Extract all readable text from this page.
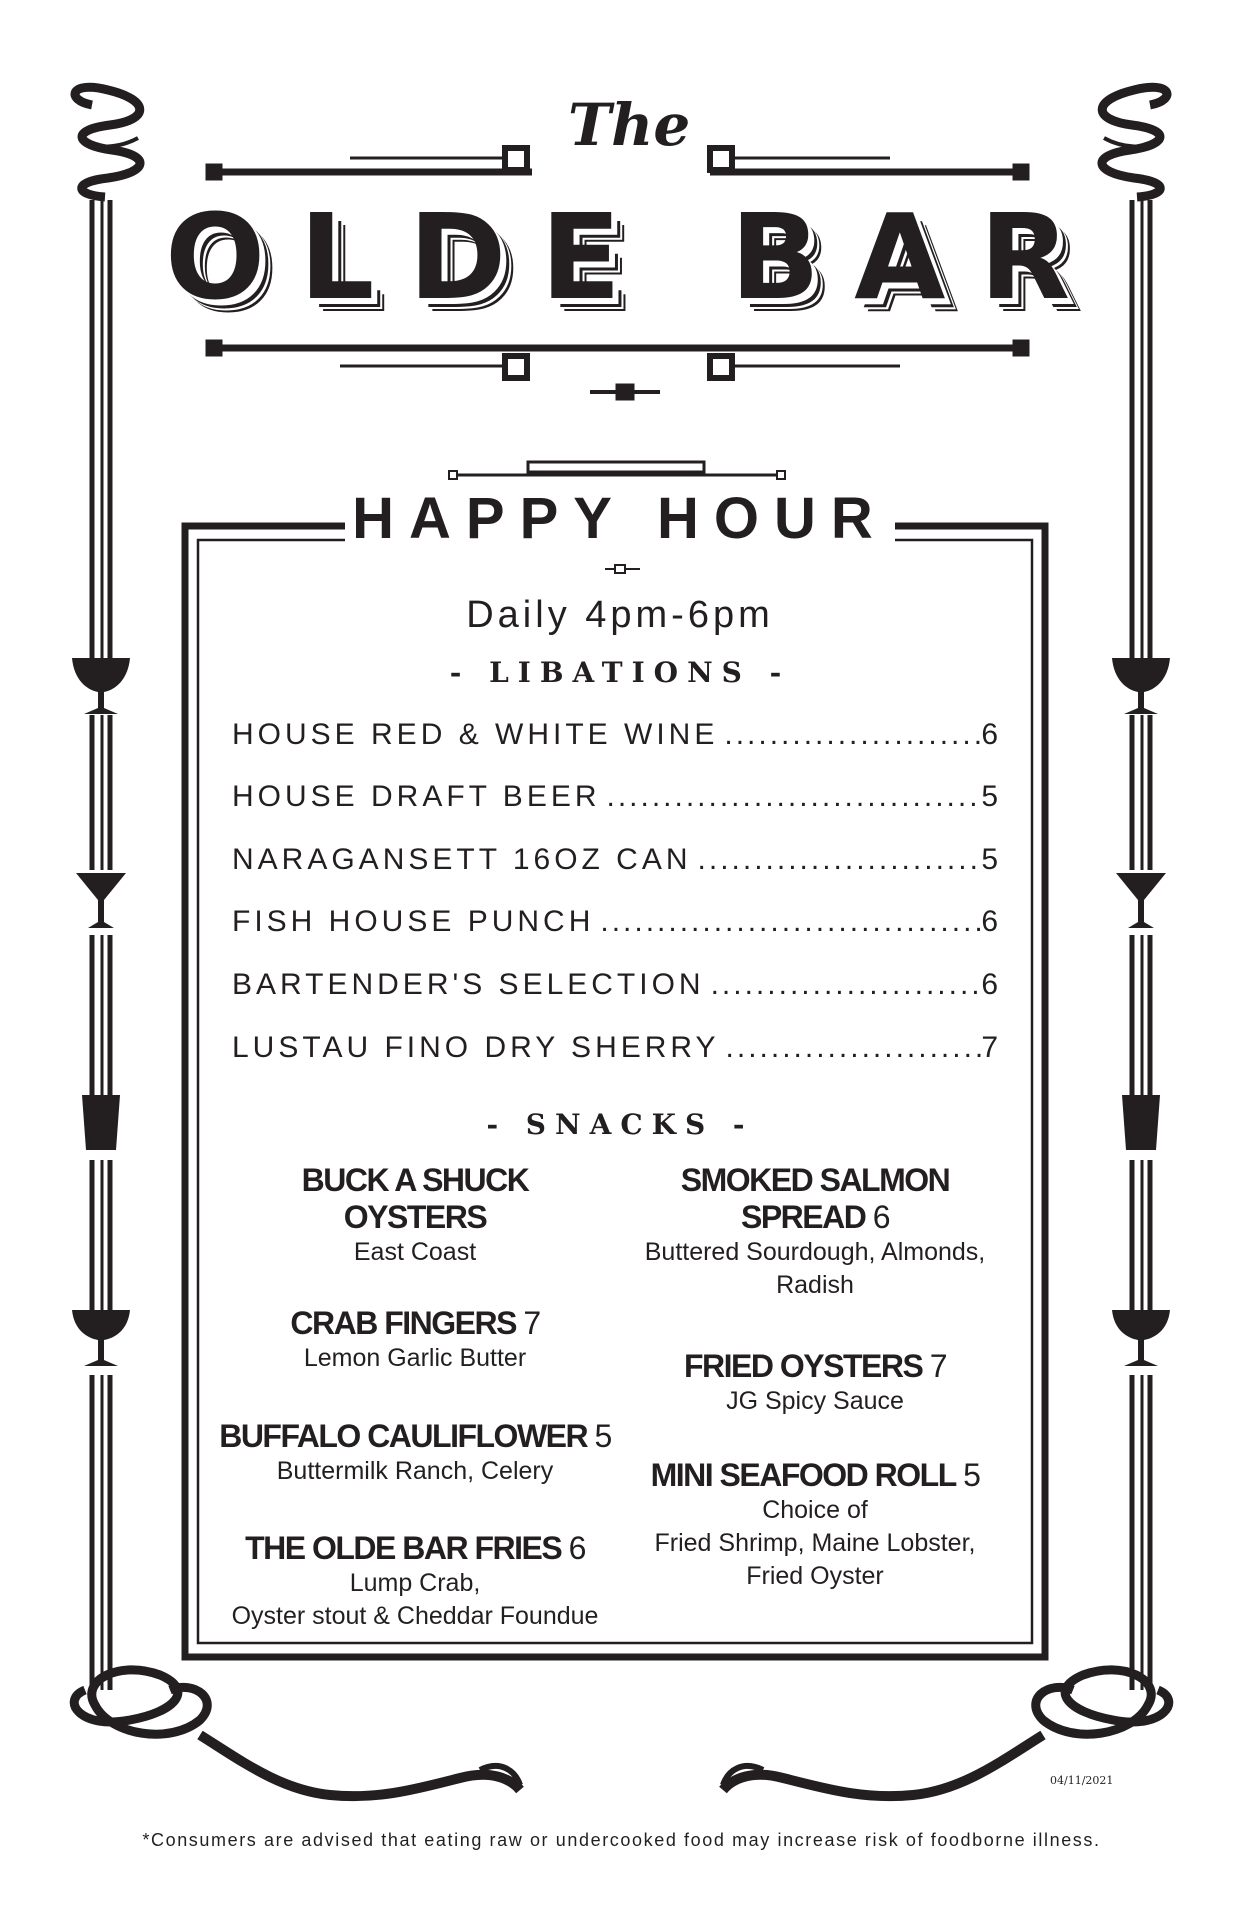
The
OLDE BAR
HAPPY HOUR
Daily 4pm-6pm
- LIBATIONS -
HOUSE RED & WHITE WINE .....	6
HOUSE DRAFT BEER .....	5
NARAGANSETT 16OZ CAN .....	5
FISH HOUSE PUNCH .....	6
BARTENDER'S SELECTION .....	6
LUSTAU FINO DRY SHERRY .....	7
- SNACKS -
BUCK A SHUCK
OYSTERS
East Coast
CRAB FINGERS 7
Lemon Garlic Butter
BUFFALO CAULIFLOWER 5
Buttermilk Ranch, Celery
THE OLDE BAR FRIES 6
Lump Crab,
Oyster stout & Cheddar Foundue
SMOKED SALMON
SPREAD 6
Buttered Sourdough, Almonds,
Radish
FRIED OYSTERS 7
JG Spicy Sauce
MINI SEAFOOD ROLL 5
Choice of
Fried Shrimp, Maine Lobster,
Fried Oyster
04/11/2021
*Consumers are advised that eating raw or undercooked food may increase risk of foodborne illness.
